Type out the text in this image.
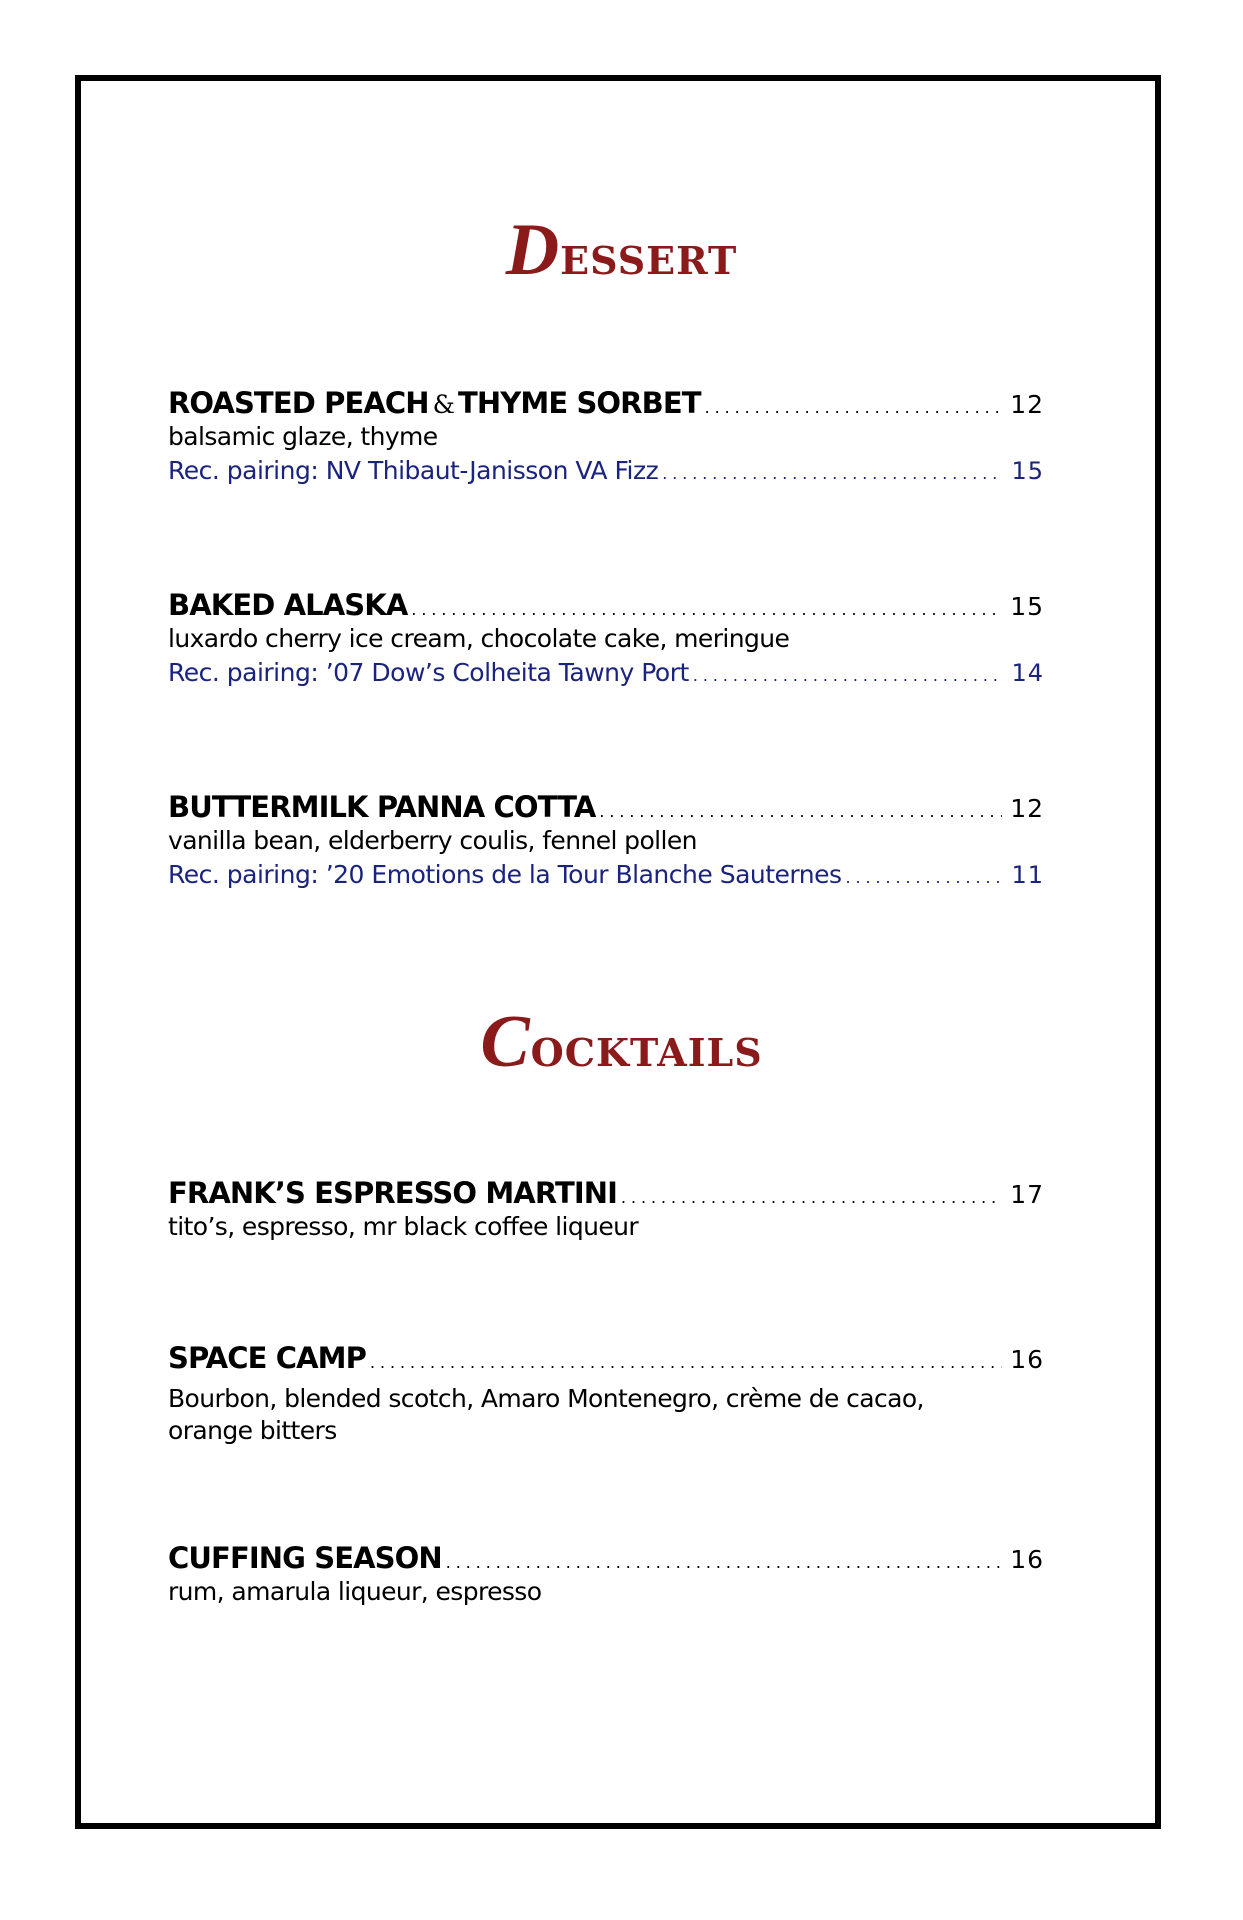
Dessert
ROASTED PEACH & THYME SORBET . . .	12
balsamic glaze, thyme
Rec. pairing: NV Thibaut-Janisson VA Fizz . . .	15
BAKED ALASKA . . .	15
luxardo cherry ice cream, chocolate cake, meringue
Rec. pairing: ’07 Dow’s Colheita Tawny Port . . .	14
BUTTERMILK PANNA COTTA . . .	12
vanilla bean, elderberry coulis, fennel pollen
Rec. pairing: ’20 Emotions de la Tour Blanche Sauternes . . .	11
Cocktails
FRANK’S ESPRESSO MARTINI . . .	17
tito’s, espresso, mr black coffee liqueur
SPACE CAMP . . .	16
Bourbon, blended scotch, Amaro Montenegro, crème de cacao, orange bitters
CUFFING SEASON . . .	16
rum, amarula liqueur, espresso
